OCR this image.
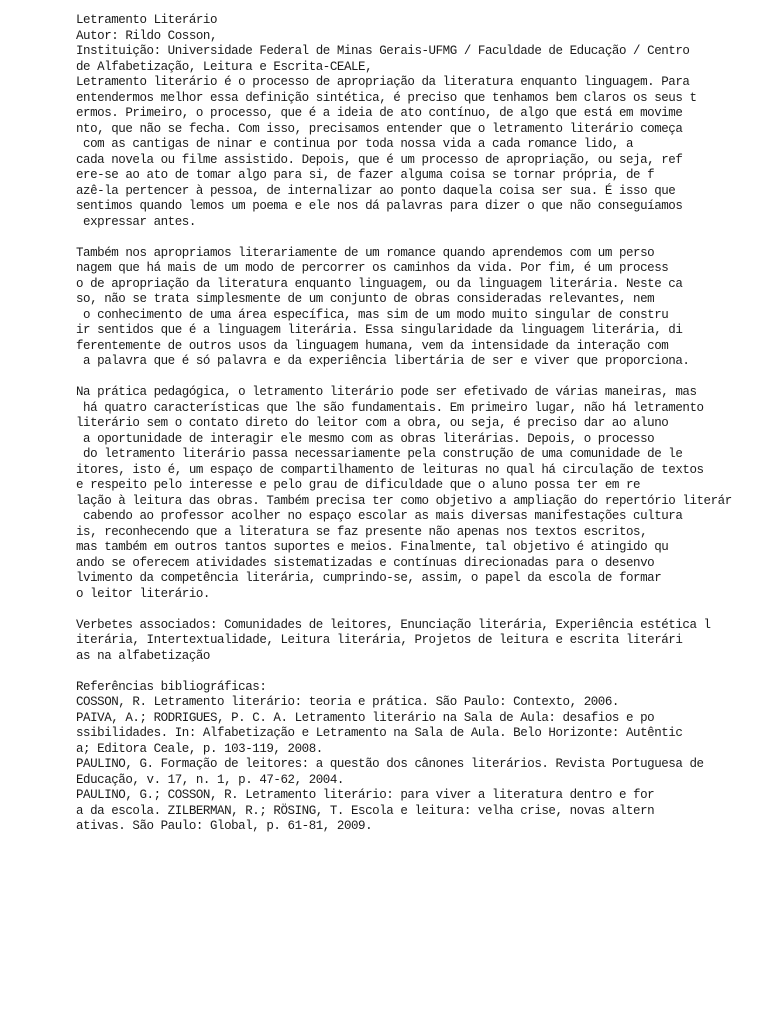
Letramento Literário
Autor: Rildo Cosson,
Instituição: Universidade Federal de Minas Gerais-UFMG / Faculdade de Educação / Centro
de Alfabetização, Leitura e Escrita-CEALE,
Letramento literário é o processo de apropriação da literatura enquanto linguagem. Para
entendermos melhor essa definição sintética, é preciso que tenhamos bem claros os seus t
ermos. Primeiro, o processo, que é a ideia de ato contínuo, de algo que está em movime
nto, que não se fecha. Com isso, precisamos entender que o letramento literário começa
com as cantigas de ninar e continua por toda nossa vida a cada romance lido, a
cada novela ou filme assistido. Depois, que é um processo de apropriação, ou seja, ref
ere-se ao ato de tomar algo para si, de fazer alguma coisa se tornar própria, de f
azê-la pertencer à pessoa, de internalizar ao ponto daquela coisa ser sua. É isso que
sentimos quando lemos um poema e ele nos dá palavras para dizer o que não conseguíamos
expressar antes.
Também nos apropriamos literariamente de um romance quando aprendemos com um perso
nagem que há mais de um modo de percorrer os caminhos da vida. Por fim, é um process
o de apropriação da literatura enquanto linguagem, ou da linguagem literária. Neste ca
so, não se trata simplesmente de um conjunto de obras consideradas relevantes, nem
o conhecimento de uma área específica, mas sim de um modo muito singular de constru
ir sentidos que é a linguagem literária. Essa singularidade da linguagem literária, di
ferentemente de outros usos da linguagem humana, vem da intensidade da interação com
a palavra que é só palavra e da experiência libertária de ser e viver que proporciona.
Na prática pedagógica, o letramento literário pode ser efetivado de várias maneiras, mas
há quatro características que lhe são fundamentais. Em primeiro lugar, não há letramento
literário sem o contato direto do leitor com a obra, ou seja, é preciso dar ao aluno
a oportunidade de interagir ele mesmo com as obras literárias. Depois, o processo
do letramento literário passa necessariamente pela construção de uma comunidade de le
itores, isto é, um espaço de compartilhamento de leituras no qual há circulação de textos
e respeito pelo interesse e pelo grau de dificuldade que o aluno possa ter em re
lação à leitura das obras. Também precisa ter como objetivo a ampliação do repertório literár
cabendo ao professor acolher no espaço escolar as mais diversas manifestações cultura
is, reconhecendo que a literatura se faz presente não apenas nos textos escritos,
mas também em outros tantos suportes e meios. Finalmente, tal objetivo é atingido qu
ando se oferecem atividades sistematizadas e contínuas direcionadas para o desenvo
lvimento da competência literária, cumprindo-se, assim, o papel da escola de formar
o leitor literário.
Verbetes associados: Comunidades de leitores, Enunciação literária, Experiência estética l
iterária, Intertextualidade, Leitura literária, Projetos de leitura e escrita literári
as na alfabetização
Referências bibliográficas:
COSSON, R. Letramento literário: teoria e prática. São Paulo: Contexto, 2006.
PAIVA, A.; RODRIGUES, P. C. A. Letramento literário na Sala de Aula: desafios e po
ssibilidades. In: Alfabetização e Letramento na Sala de Aula. Belo Horizonte: Autêntic
a; Editora Ceale, p. 103-119, 2008.
PAULINO, G. Formação de leitores: a questão dos cânones literários. Revista Portuguesa de
Educação, v. 17, n. 1, p. 47-62, 2004.
PAULINO, G.; COSSON, R. Letramento literário: para viver a literatura dentro e for
a da escola. ZILBERMAN, R.; RÖSING, T. Escola e leitura: velha crise, novas altern
ativas. São Paulo: Global, p. 61-81, 2009.
